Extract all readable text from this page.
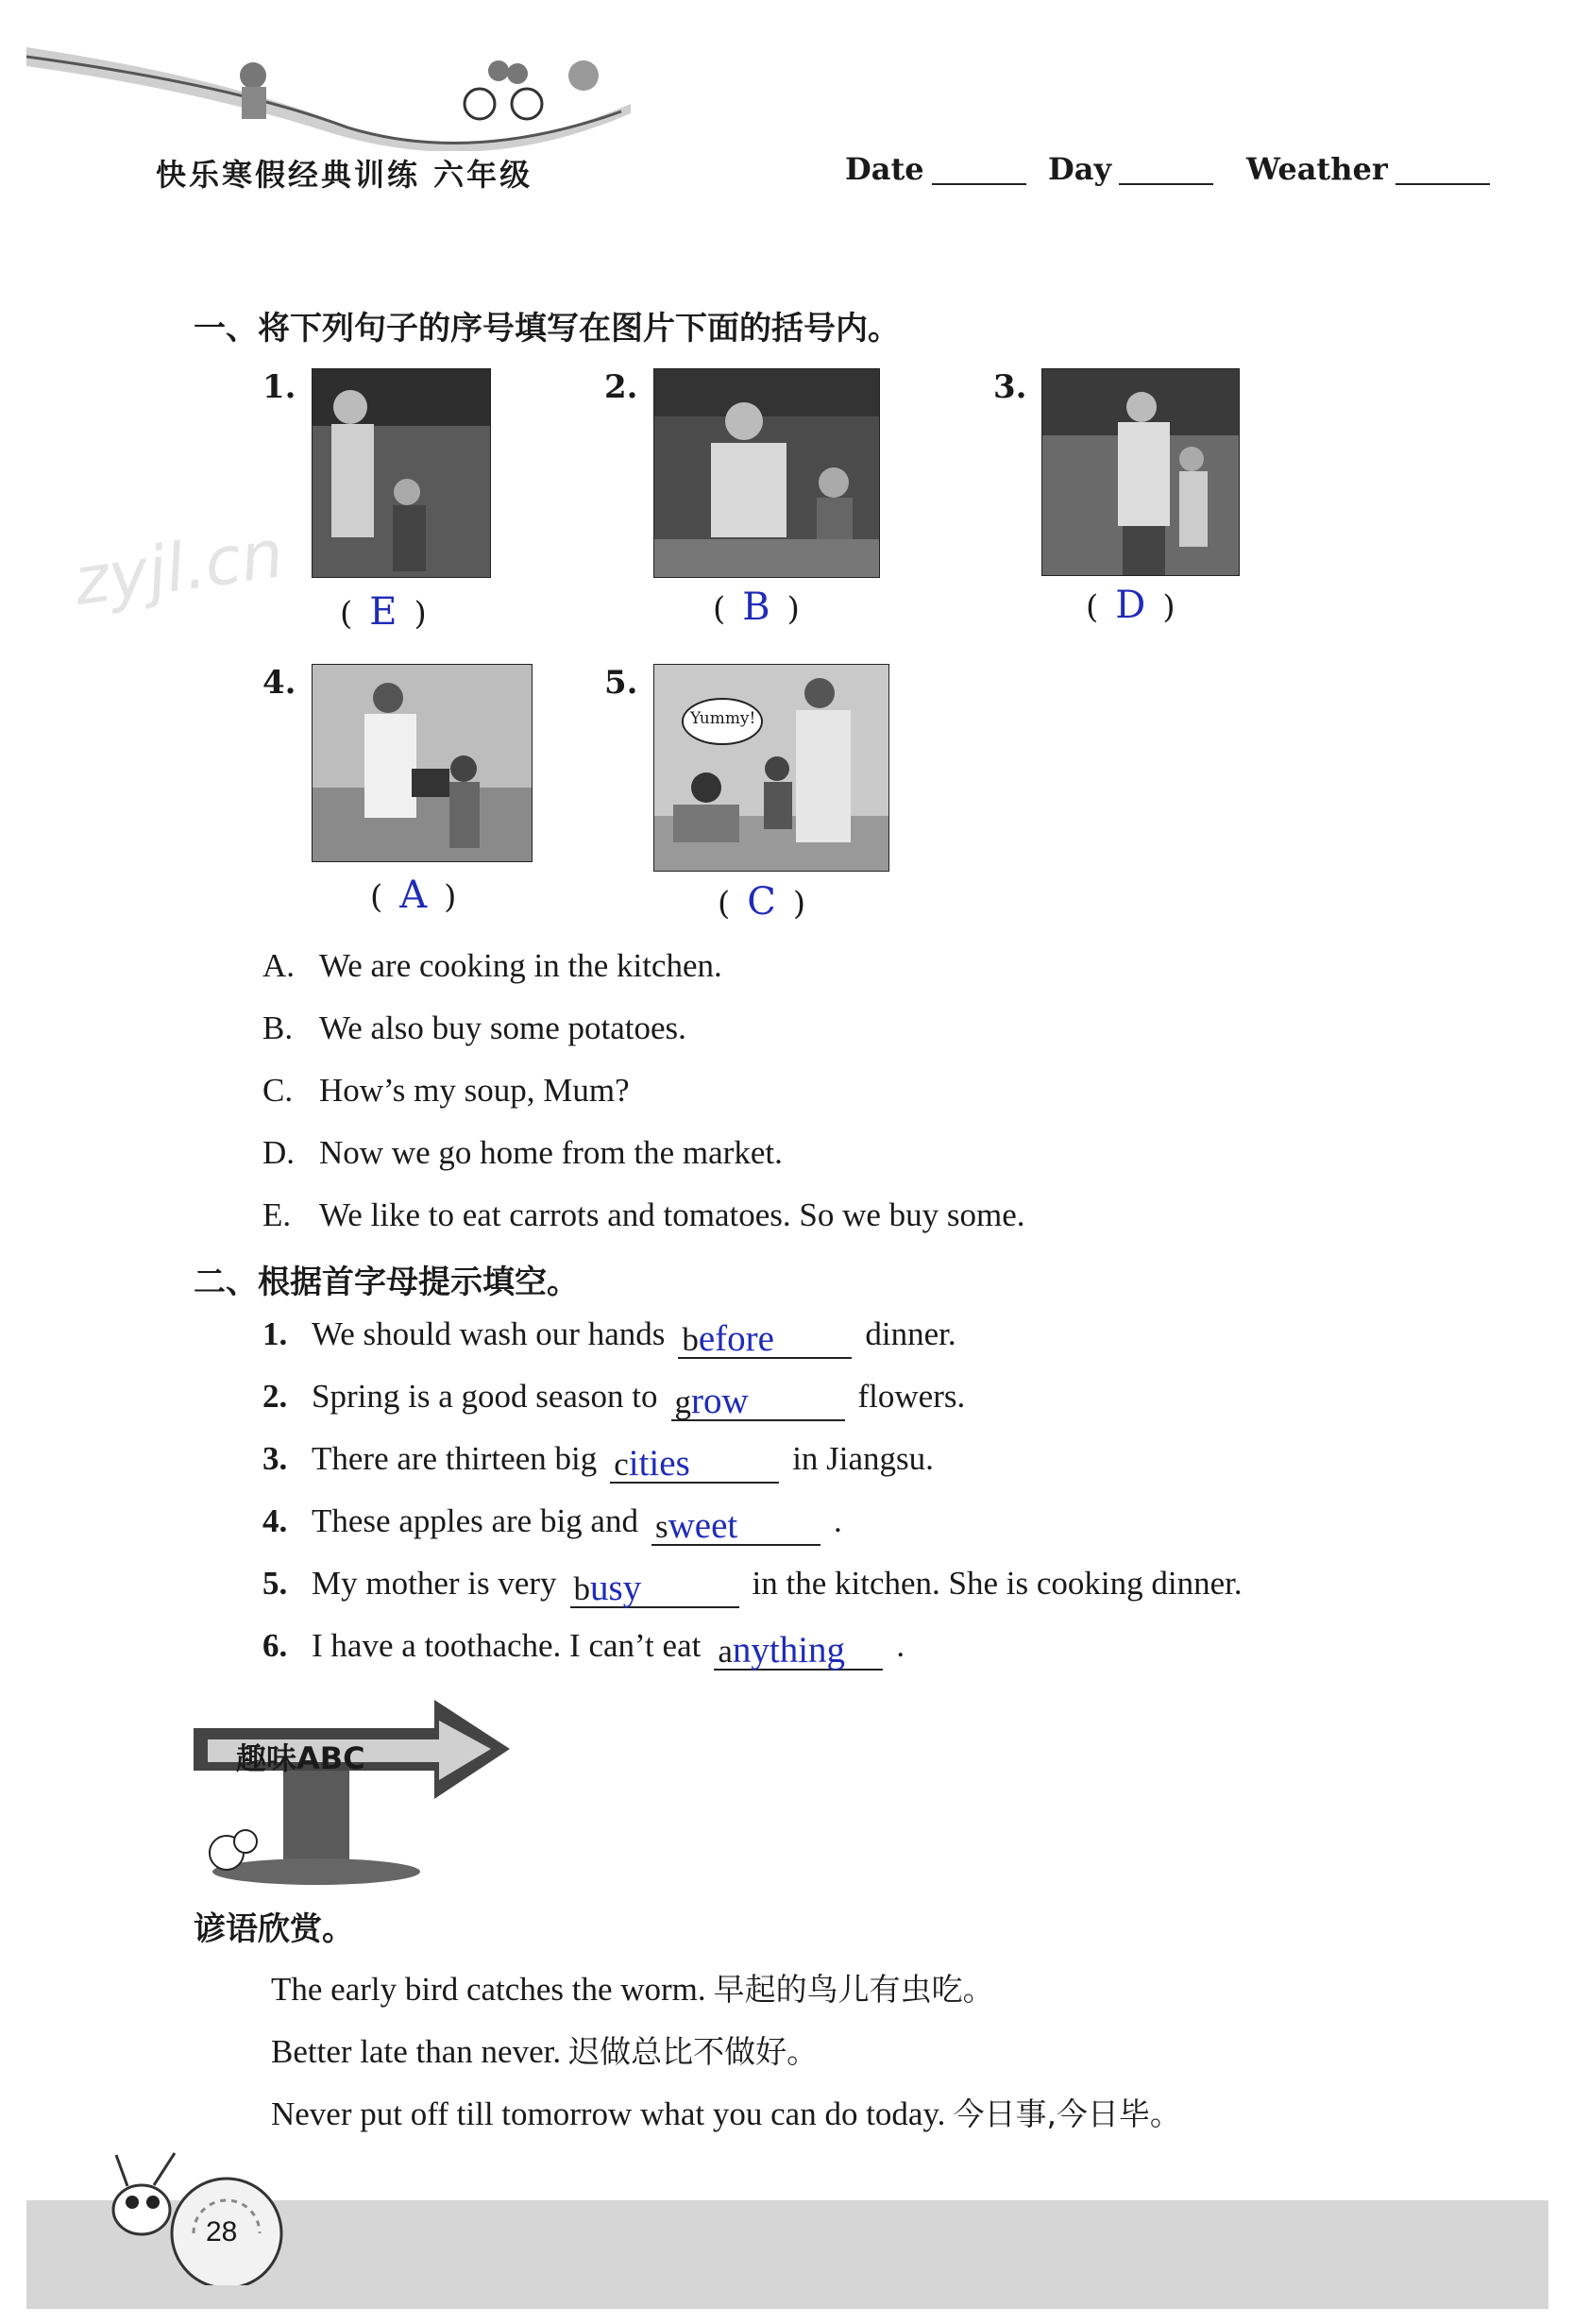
快乐寒假经典训练 六年级	Date	Day	Weather
zyjl.cn
一、将下列句子的序号填写在图片下面的括号内。
1.
( E )
2.
( B )
3.
( D )
4.
( A )
5.
Yummy!
( C )
A. We are cooking in the kitchen.
B. We also buy some potatoes.
C. How’s my soup, Mum?
D. Now we go home from the market.
E. We like to eat carrots and tomatoes. So we buy some.
二、根据首字母提示填空。
1. We should wash our hands before	dinner.
2. Spring is a good season to grow	flowers.
3. There are thirteen big cities	in Jiangsu.
4. These apples are big and sweet	.
5. My mother is very busy	in the kitchen. She is cooking dinner.
6. I have a toothache. I can’t eat anything .
趣味ABC
谚语欣赏。
The early bird catches the worm. 早起的鸟儿有虫吃。
Better late than never. 迟做总比不做好。
Never put off till tomorrow what you can do today. 今日事,今日毕。
28
